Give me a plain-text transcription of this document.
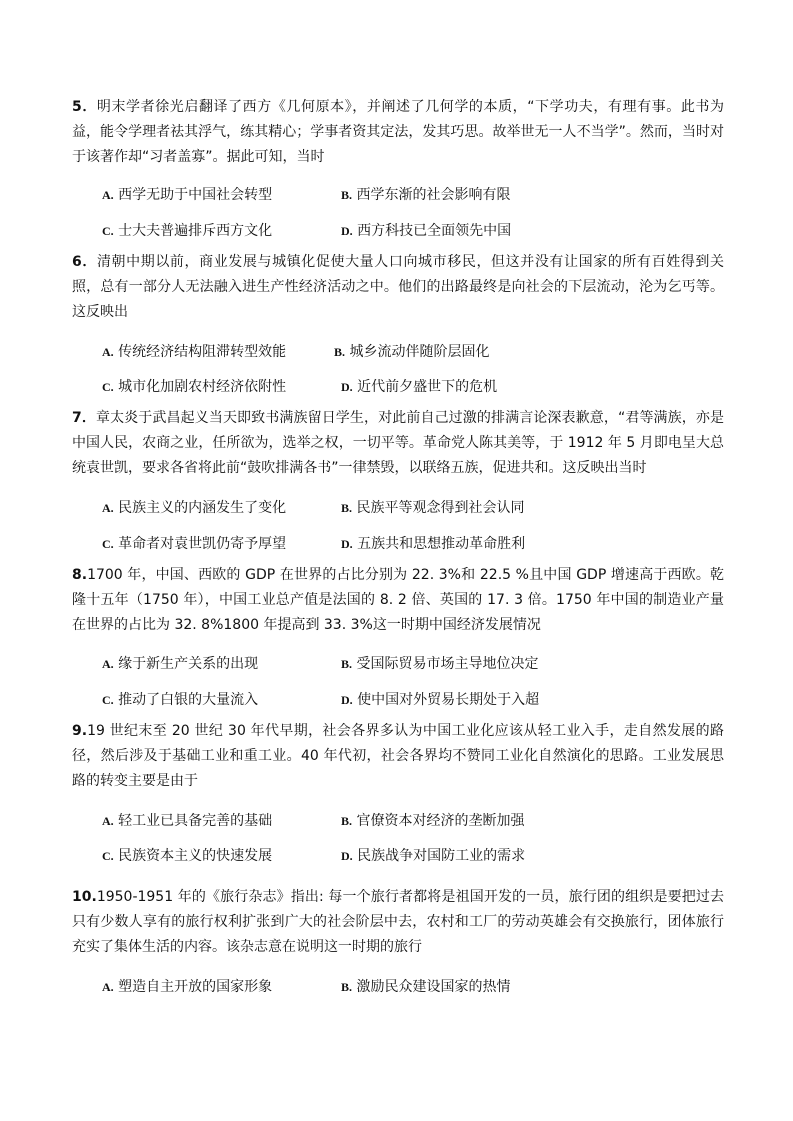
5．明末学者徐光启翻译了西方《几何原本》，并阐述了几何学的本质，“下学功夫，有理有事。此书为益，能令学理者祛其浮气，练其精心；学事者资其定法，发其巧思。故举世无一人不当学”。然而，当时对于该著作却“习者盖寡”。据此可知，当时

A. 西学无助于中国社会转型	B. 西学东渐的社会影响有限
C. 士大夫普遍排斥西方文化	D. 西方科技已全面领先中国

6．清朝中期以前，商业发展与城镇化促使大量人口向城市移民，但这并没有让国家的所有百姓得到关照，总有一部分人无法融入进生产性经济活动之中。他们的出路最终是向社会的下层流动，沦为乞丐等。这反映出

A. 传统经济结构阻滞转型效能	B. 城乡流动伴随阶层固化
C. 城市化加剧农村经济依附性	D. 近代前夕盛世下的危机

7．章太炎于武昌起义当天即致书满族留日学生，对此前自己过激的排满言论深表歉意，“君等满族，亦是中国人民，农商之业，任所欲为，选举之权，一切平等。革命党人陈其美等，于 1912 年 5 月即电呈大总统袁世凯，要求各省将此前“鼓吹排满各书”一律禁毁，以联络五族，促进共和。这反映出当时

A. 民族主义的内涵发生了变化	B. 民族平等观念得到社会认同
C. 革命者对袁世凯仍寄予厚望	D. 五族共和思想推动革命胜利

8.1700 年，中国、西欧的 GDP 在世界的占比分别为 22. 3%和 22.5 %且中国 GDP 增速高于西欧。乾隆十五年（1750 年），中国工业总产值是法国的 8. 2 倍、英国的 17. 3 倍。1750 年中国的制造业产量在世界的占比为 32. 8%1800 年提高到 33. 3%这一时期中国经济发展情况

A. 缘于新生产关系的出现	B. 受国际贸易市场主导地位决定
C. 推动了白银的大量流入	D. 使中国对外贸易长期处于入超

9.19 世纪末至 20 世纪 30 年代早期，社会各界多认为中国工业化应该从轻工业入手，走自然发展的路径，然后涉及于基础工业和重工业。40 年代初，社会各界均不赞同工业化自然演化的思路。工业发展思路的转变主要是由于

A. 轻工业已具备完善的基础	B. 官僚资本对经济的垄断加强
C. 民族资本主义的快速发展	D. 民族战争对国防工业的需求

10.1950-1951 年的《旅行杂志》指出: 每一个旅行者都将是祖国开发的一员，旅行团的组织是要把过去只有少数人享有的旅行权利扩张到广大的社会阶层中去，农村和工厂的劳动英雄会有交换旅行，团体旅行充实了集体生活的内容。该杂志意在说明这一时期的旅行

A. 塑造自主开放的国家形象	B. 激励民众建设国家的热情
